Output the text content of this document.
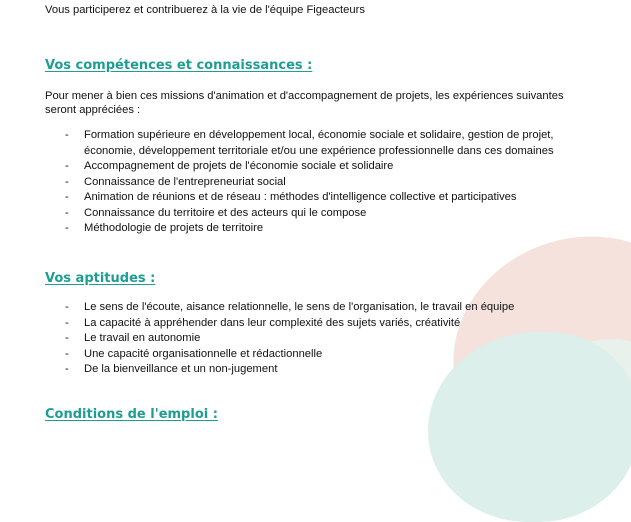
Vous participerez et contribuerez à la vie de l'équipe Figeacteurs
Vos compétences et connaissances :
Pour mener à bien ces missions d'animation et d'accompagnement de projets, les expériences suivantes
seront appréciées :
- Formation supérieure en développement local, économie sociale et solidaire, gestion de projet, économie, développement territoriale et/ou une expérience professionnelle dans ces domaines
- Accompagnement de projets de l'économie sociale et solidaire
- Connaissance de l'entrepreneuriat social
- Animation de réunions et de réseau : méthodes d'intelligence collective et participatives
- Connaissance du territoire et des acteurs qui le compose
- Méthodologie de projets de territoire
Vos aptitudes :
- Le sens de l'écoute, aisance relationnelle, le sens de l'organisation, le travail en équipe
- La capacité à appréhender dans leur complexité des sujets variés, créativité
- Le travail en autonomie
- Une capacité organisationnelle et rédactionnelle
- De la bienveillance et un non-jugement
Conditions de l'emploi :
